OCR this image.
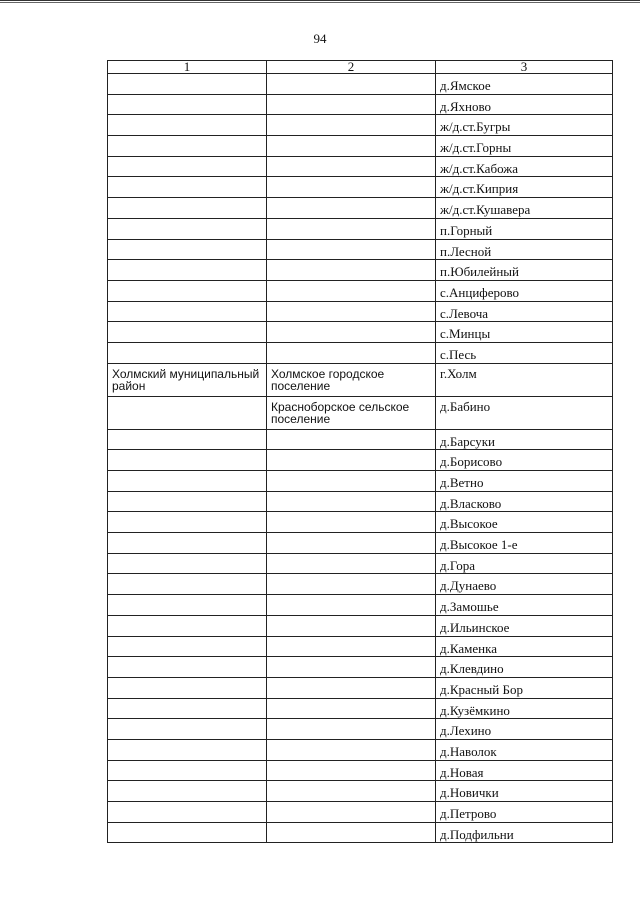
94
1	2	3
		д.Ямское
		д.Яхново
		ж/д.ст.Бугры
		ж/д.ст.Горны
		ж/д.ст.Кабожа
		ж/д.ст.Киприя
		ж/д.ст.Кушавера
		п.Горный
		п.Лесной
		п.Юбилейный
		с.Анциферово
		с.Левоча
		с.Минцы
		с.Песь
Холмский муниципальный район	Холмское городское поселение	г.Холм
	Красноборское сельское поселение	д.Бабино
		д.Барсуки
		д.Борисово
		д.Ветно
		д.Власково
		д.Высокое
		д.Высокое 1-е
		д.Гора
		д.Дунаево
		д.Замошье
		д.Ильинское
		д.Каменка
		д.Клевдино
		д.Красный Бор
		д.Кузёмкино
		д.Лехино
		д.Наволок
		д.Новая
		д.Новички
		д.Петрово
		д.Подфильни
